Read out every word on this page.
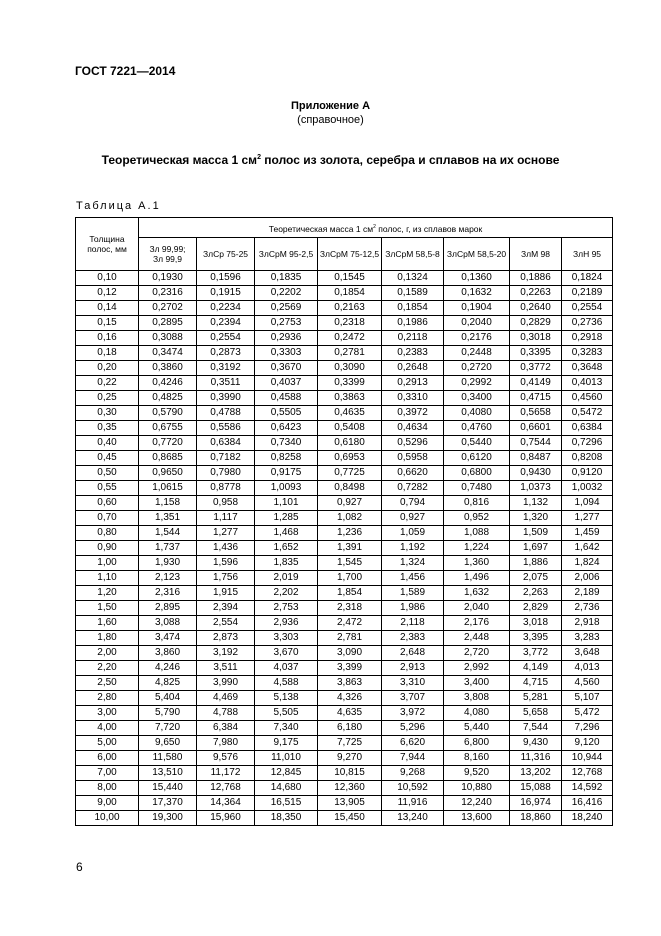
ГОСТ 7221—2014
Приложение А
(справочное)
Теоретическая масса 1 $см^2$ полос из золота, серебра и сплавов на их основе
Таблица А.1
Толщина полос, мм	Теоретическая масса 1 $см^2$ полос, г, из сплавов марок							

	Зл 99,99;
Зл 99,9	ЗлСр 75-25	ЗлСрМ 95-2,5	ЗлСрМ 75-12,5	ЗлСрМ 58,5-8	ЗлСрМ 58,5-20	ЗлМ 98	ЗлН 95

0,10	0,1930	0,1596	0,1835	0,1545	0,1324	0,1360	0,1886	0,1824
0,12	0,2316	0,1915	0,2202	0,1854	0,1589	0,1632	0,2263	0,2189
0,14	0,2702	0,2234	0,2569	0,2163	0,1854	0,1904	0,2640	0,2554
0,15	0,2895	0,2394	0,2753	0,2318	0,1986	0,2040	0,2829	0,2736
0,16	0,3088	0,2554	0,2936	0,2472	0,2118	0,2176	0,3018	0,2918
0,18	0,3474	0,2873	0,3303	0,2781	0,2383	0,2448	0,3395	0,3283
0,20	0,3860	0,3192	0,3670	0,3090	0,2648	0,2720	0,3772	0,3648
0,22	0,4246	0,3511	0,4037	0,3399	0,2913	0,2992	0,4149	0,4013
0,25	0,4825	0,3990	0,4588	0,3863	0,3310	0,3400	0,4715	0,4560
0,30	0,5790	0,4788	0,5505	0,4635	0,3972	0,4080	0,5658	0,5472
0,35	0,6755	0,5586	0,6423	0,5408	0,4634	0,4760	0,6601	0,6384
0,40	0,7720	0,6384	0,7340	0,6180	0,5296	0,5440	0,7544	0,7296
0,45	0,8685	0,7182	0,8258	0,6953	0,5958	0,6120	0,8487	0,8208
0,50	0,9650	0,7980	0,9175	0,7725	0,6620	0,6800	0,9430	0,9120
0,55	1,0615	0,8778	1,0093	0,8498	0,7282	0,7480	1,0373	1,0032
0,60	1,158	0,958	1,101	0,927	0,794	0,816	1,132	1,094
0,70	1,351	1,117	1,285	1,082	0,927	0,952	1,320	1,277
0,80	1,544	1,277	1,468	1,236	1,059	1,088	1,509	1,459
0,90	1,737	1,436	1,652	1,391	1,192	1,224	1,697	1,642
1,00	1,930	1,596	1,835	1,545	1,324	1,360	1,886	1,824
1,10	2,123	1,756	2,019	1,700	1,456	1,496	2,075	2,006
1,20	2,316	1,915	2,202	1,854	1,589	1,632	2,263	2,189
1,50	2,895	2,394	2,753	2,318	1,986	2,040	2,829	2,736
1,60	3,088	2,554	2,936	2,472	2,118	2,176	3,018	2,918
1,80	3,474	2,873	3,303	2,781	2,383	2,448	3,395	3,283
2,00	3,860	3,192	3,670	3,090	2,648	2,720	3,772	3,648
2,20	4,246	3,511	4,037	3,399	2,913	2,992	4,149	4,013
2,50	4,825	3,990	4,588	3,863	3,310	3,400	4,715	4,560
2,80	5,404	4,469	5,138	4,326	3,707	3,808	5,281	5,107
3,00	5,790	4,788	5,505	4,635	3,972	4,080	5,658	5,472
4,00	7,720	6,384	7,340	6,180	5,296	5,440	7,544	7,296
5,00	9,650	7,980	9,175	7,725	6,620	6,800	9,430	9,120
6,00	11,580	9,576	11,010	9,270	7,944	8,160	11,316	10,944
7,00	13,510	11,172	12,845	10,815	9,268	9,520	13,202	12,768
8,00	15,440	12,768	14,680	12,360	10,592	10,880	15,088	14,592
9,00	17,370	14,364	16,515	13,905	11,916	12,240	16,974	16,416
10,00	19,300	15,960	18,350	15,450	13,240	13,600	18,860	18,240
6
